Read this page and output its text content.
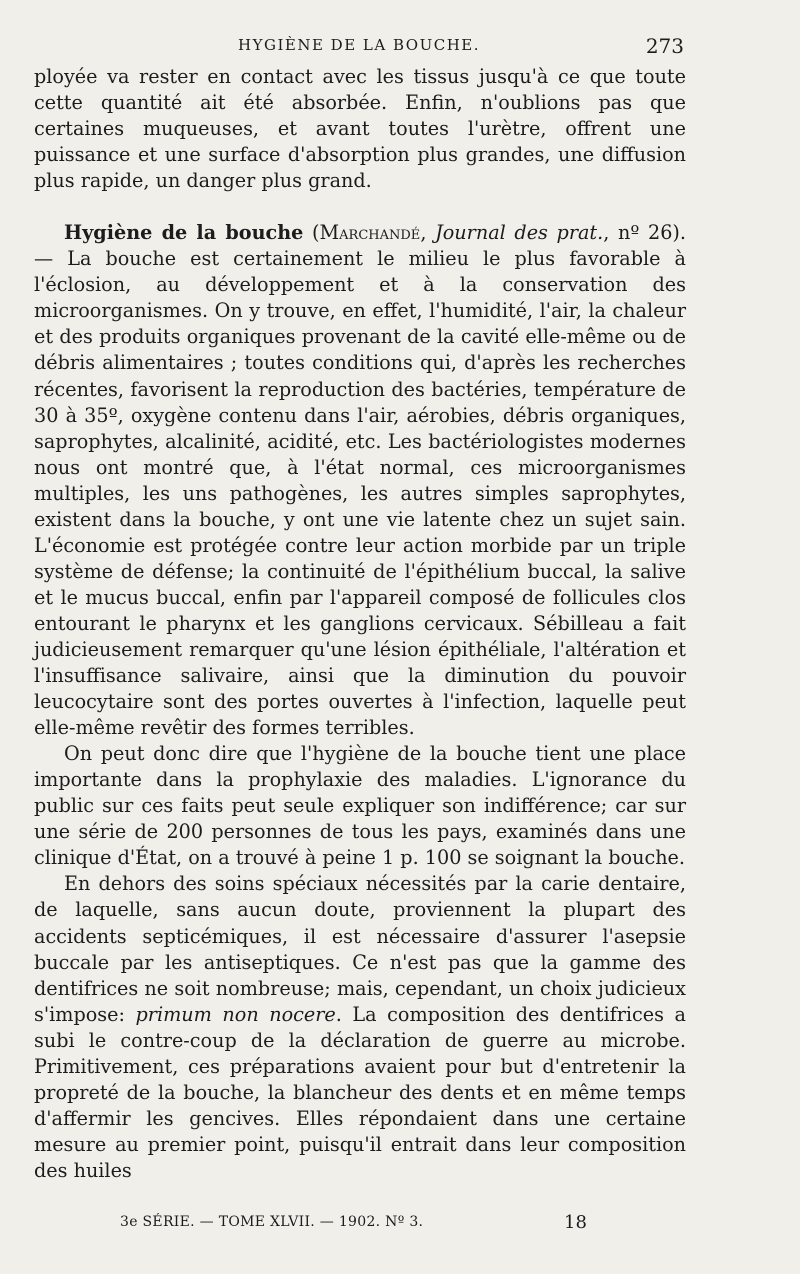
HYGIÈNE DE LA BOUCHE.	273

ployée va rester en contact avec les tissus jusqu'à ce que toute cette quantité ait été absorbée. Enfin, n'oublions pas que certaines muqueuses, et avant toutes l'urètre, offrent une puissance et une surface d'absorption plus grandes, une diffusion plus rapide, un danger plus grand.

Hygiène de la bouche (Marchandé, Journal des prat., nº 26). — La bouche est certainement le milieu le plus favorable à l'éclosion, au développement et à la conservation des microorganismes. On y trouve, en effet, l'humidité, l'air, la chaleur et des produits organiques provenant de la cavité elle-même ou de débris alimentaires ; toutes conditions qui, d'après les recherches récentes, favorisent la reproduction des bactéries, température de 30 à 35º, oxygène contenu dans l'air, aérobies, débris organiques, saprophytes, alcalinité, acidité, etc. Les bactériologistes modernes nous ont montré que, à l'état normal, ces microorganismes multiples, les uns pathogènes, les autres simples saprophytes, existent dans la bouche, y ont une vie latente chez un sujet sain. L'économie est protégée contre leur action morbide par un triple système de défense; la continuité de l'épithélium buccal, la salive et le mucus buccal, enfin par l'appareil composé de follicules clos entourant le pharynx et les ganglions cervicaux. Sébilleau a fait judicieusement remarquer qu'une lésion épithéliale, l'altération et l'insuffisance salivaire, ainsi que la diminution du pouvoir leucocytaire sont des portes ouvertes à l'infection, laquelle peut elle-même revêtir des formes terribles.

On peut donc dire que l'hygiène de la bouche tient une place importante dans la prophylaxie des maladies. L'ignorance du public sur ces faits peut seule expliquer son indifférence; car sur une série de 200 personnes de tous les pays, examinés dans une clinique d'État, on a trouvé à peine 1 p. 100 se soignant la bouche.

En dehors des soins spéciaux nécessités par la carie dentaire, de laquelle, sans aucun doute, proviennent la plupart des accidents septicémiques, il est nécessaire d'assurer l'asepsie buccale par les antiseptiques. Ce n'est pas que la gamme des dentifrices ne soit nombreuse; mais, cependant, un choix judicieux s'impose: primum non nocere. La composition des dentifrices a subi le contre-coup de la déclaration de guerre au microbe. Primitivement, ces préparations avaient pour but d'entretenir la propreté de la bouche, la blancheur des dents et en même temps d'affermir les gencives. Elles répondaient dans une certaine mesure au premier point, puisqu'il entrait dans leur composition des huiles

3e SÉRIE. — TOME XLVII. — 1902. Nº 3.	18
